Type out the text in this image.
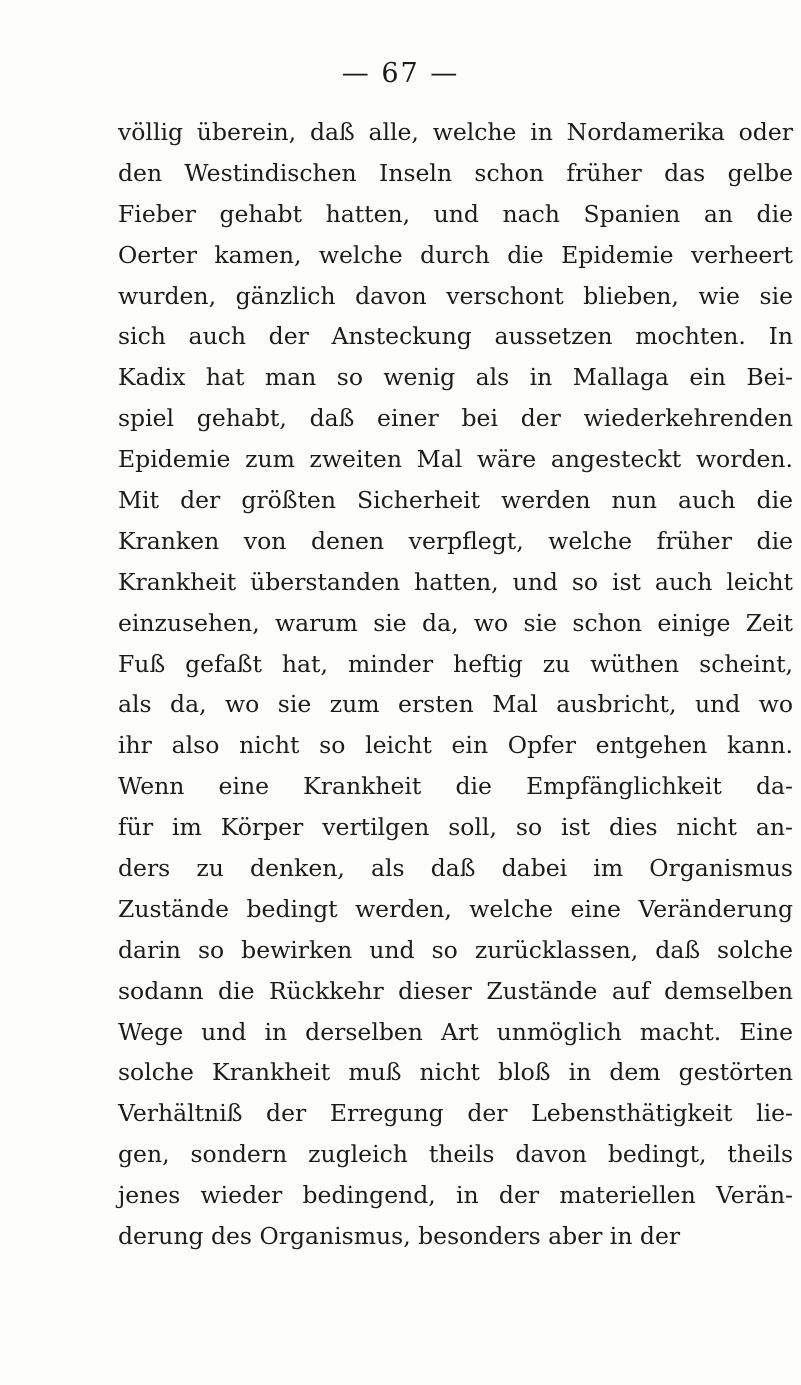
— 67 —
völlig überein, daß alle, welche in Nordamerika oder
den Westindischen Inseln schon früher das gelbe
Fieber gehabt hatten, und nach Spanien an die
Oerter kamen, welche durch die Epidemie verheert
wurden, gänzlich davon verschont blieben, wie sie
sich auch der Ansteckung aussetzen mochten. In
Kadix hat man so wenig als in Mallaga ein Bei-
spiel gehabt, daß einer bei der wiederkehrenden
Epidemie zum zweiten Mal wäre angesteckt worden.
Mit der größten Sicherheit werden nun auch die
Kranken von denen verpflegt, welche früher die
Krankheit überstanden hatten, und so ist auch leicht
einzusehen, warum sie da, wo sie schon einige Zeit
Fuß gefaßt hat, minder heftig zu wüthen scheint,
als da, wo sie zum ersten Mal ausbricht, und wo
ihr also nicht so leicht ein Opfer entgehen kann.
Wenn eine Krankheit die Empfänglichkeit da-
für im Körper vertilgen soll, so ist dies nicht an-
ders zu denken, als daß dabei im Organismus
Zustände bedingt werden, welche eine Veränderung
darin so bewirken und so zurücklassen, daß solche
sodann die Rückkehr dieser Zustände auf demselben
Wege und in derselben Art unmöglich macht. Eine
solche Krankheit muß nicht bloß in dem gestörten
Verhältniß der Erregung der Lebensthätigkeit lie-
gen, sondern zugleich theils davon bedingt, theils
jenes wieder bedingend, in der materiellen Verän-
derung des Organismus, besonders aber in der
